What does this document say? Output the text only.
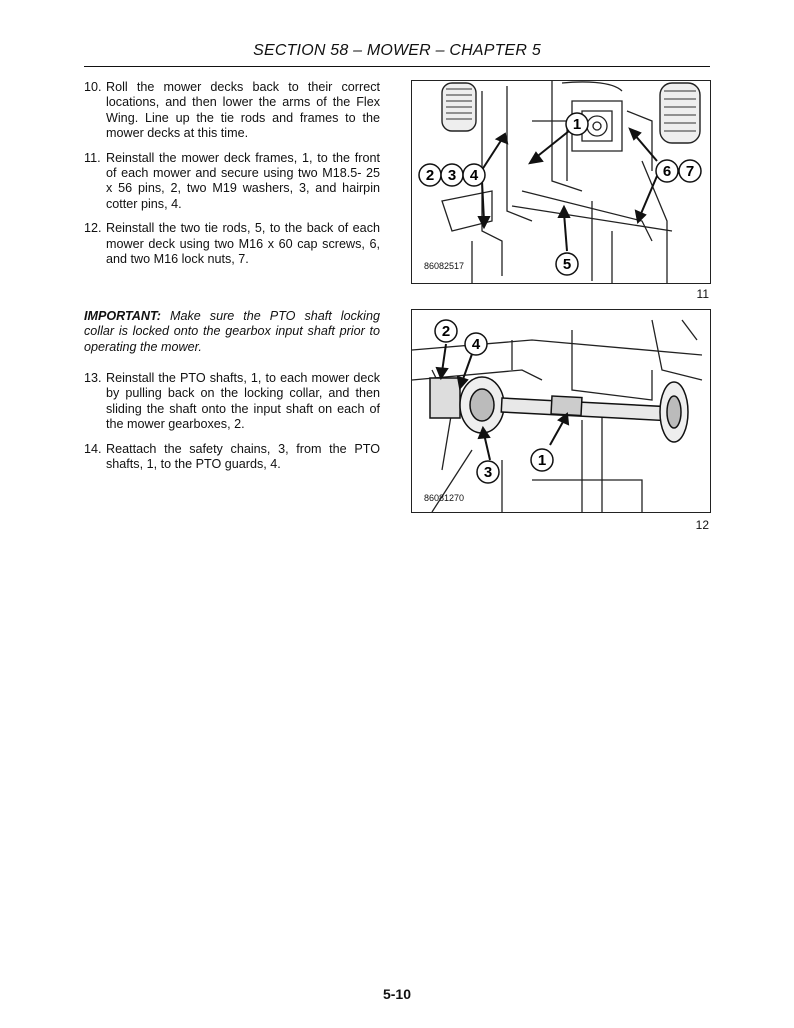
SECTION 58 – MOWER – CHAPTER 5
10. Roll the mower decks back to their correct locations, and then lower the arms of the Flex Wing. Line up the tie rods and frames to the mower decks at this time.
11. Reinstall the mower deck frames, 1, to the front of each mower and secure using two M18.5- 25 x 56 pins, 2, two M19 washers, 3, and hairpin cotter pins, 4.
12. Reinstall the two tie rods, 5, to the back of each mower deck using two M16 x 60 cap screws, 6, and two M16 lock nuts, 7.
IMPORTANT: Make sure the PTO shaft locking collar is locked onto the gearbox input shaft prior to operating the mower.
13. Reinstall the PTO shafts, 1, to each mower deck by pulling back on the locking collar, and then sliding the shaft onto the input shaft on each of the mower gearboxes, 2.
14. Reattach the safety chains, 3, from the PTO shafts, 1, to the PTO guards, 4.
1
2 3 4
5
6 7
86082517
11
2
4
1
3
86081270
12
5-10
